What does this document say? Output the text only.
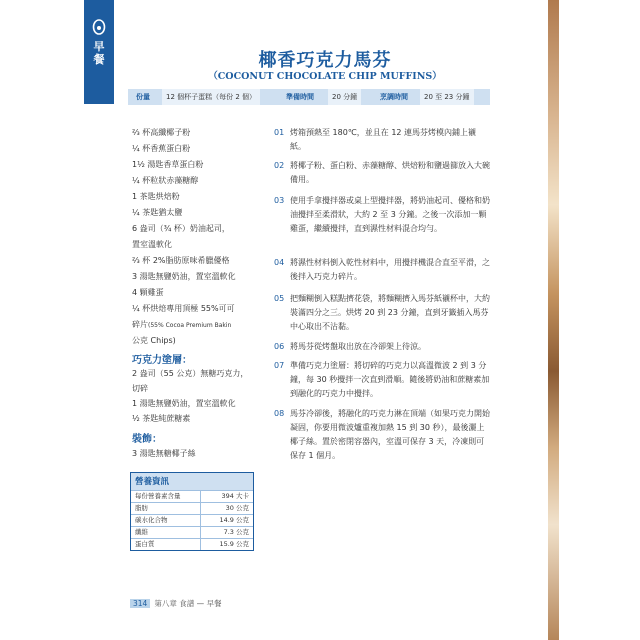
早餐	椰香巧克力馬芬
（COCONUT CHOCOLATE CHIP MUFFINS）
份量	12 個杯子蛋糕（每份 2 個）	準備時間	20 分鐘	烹調時間	20 至 23 分鐘
⅔ 杯高纖椰子粉
¼ 杯香蕉蛋白粉
1½ 湯匙香草蛋白粉
¼ 杯粒狀赤藻糖醇
1 茶匙烘焙粉
¼ 茶匙猶太鹽
6 盎司（¾ 杯）奶油起司，
置室溫軟化
⅔ 杯 2%脂肪原味希臘優格
3 湯匙無鹽奶油，置室溫軟化
4 顆雞蛋
¼ 杯烘焙專用頂極 55%可可
碎片(55% Cocoa Premium Bakin
公克 Chips)
巧克力塗層：
2 盎司（55 公克）無糖巧克力，
切碎
1 湯匙無鹽奶油，置室溫軟化
½ 茶匙純蔗糖素
裝飾：
3 湯匙無糖椰子絲
01 烤箱預熱至 180℃，並且在 12 連馬芬烤模內鋪上襯紙。
02 將椰子粉、蛋白粉、赤藻糖醇、烘焙粉和鹽過篩放入大碗備用。
03 使用手拿攪拌器或桌上型攪拌器，將奶油起司、優格和奶油攪拌至柔滑狀，大約 2 至 3 分鐘。之後一次添加一顆雞蛋，繼續攪拌，直到濕性材料混合均勻。
04 將濕性材料倒入乾性材料中，用攪拌機混合直至平滑，之後拌入巧克力碎片。
05 把麵糊倒入糕點擠花袋，將麵糊擠入馬芬紙襯杯中，大約裝滿四分之三。烘烤 20 到 23 分鐘，直到牙籤插入馬芬中心取出不沾黏。
06 將馬芬從烤盤取出放在冷卻架上待涼。
07 準備巧克力塗層：將切碎的巧克力以高溫微波 2 到 3 分鐘，每 30 秒攪拌一次直到滑順。隨後將奶油和蔗糖素加到融化的巧克力中攪拌。
08 馬芬冷卻後，將融化的巧克力淋在頂端（如果巧克力開始凝固，你要用微波爐重複加熱 15 到 30 秒），最後灑上椰子絲。置於密閉容器內，室溫可保存 3 天，冷凍則可保存 1 個月。
營養資訊
每份營養素含量	394 大卡
脂肪	30 公克
碳水化合物	14.9 公克
纖維	7.3 公克
蛋白質	15.9 公克
314 第八章 食譜 — 早餐
